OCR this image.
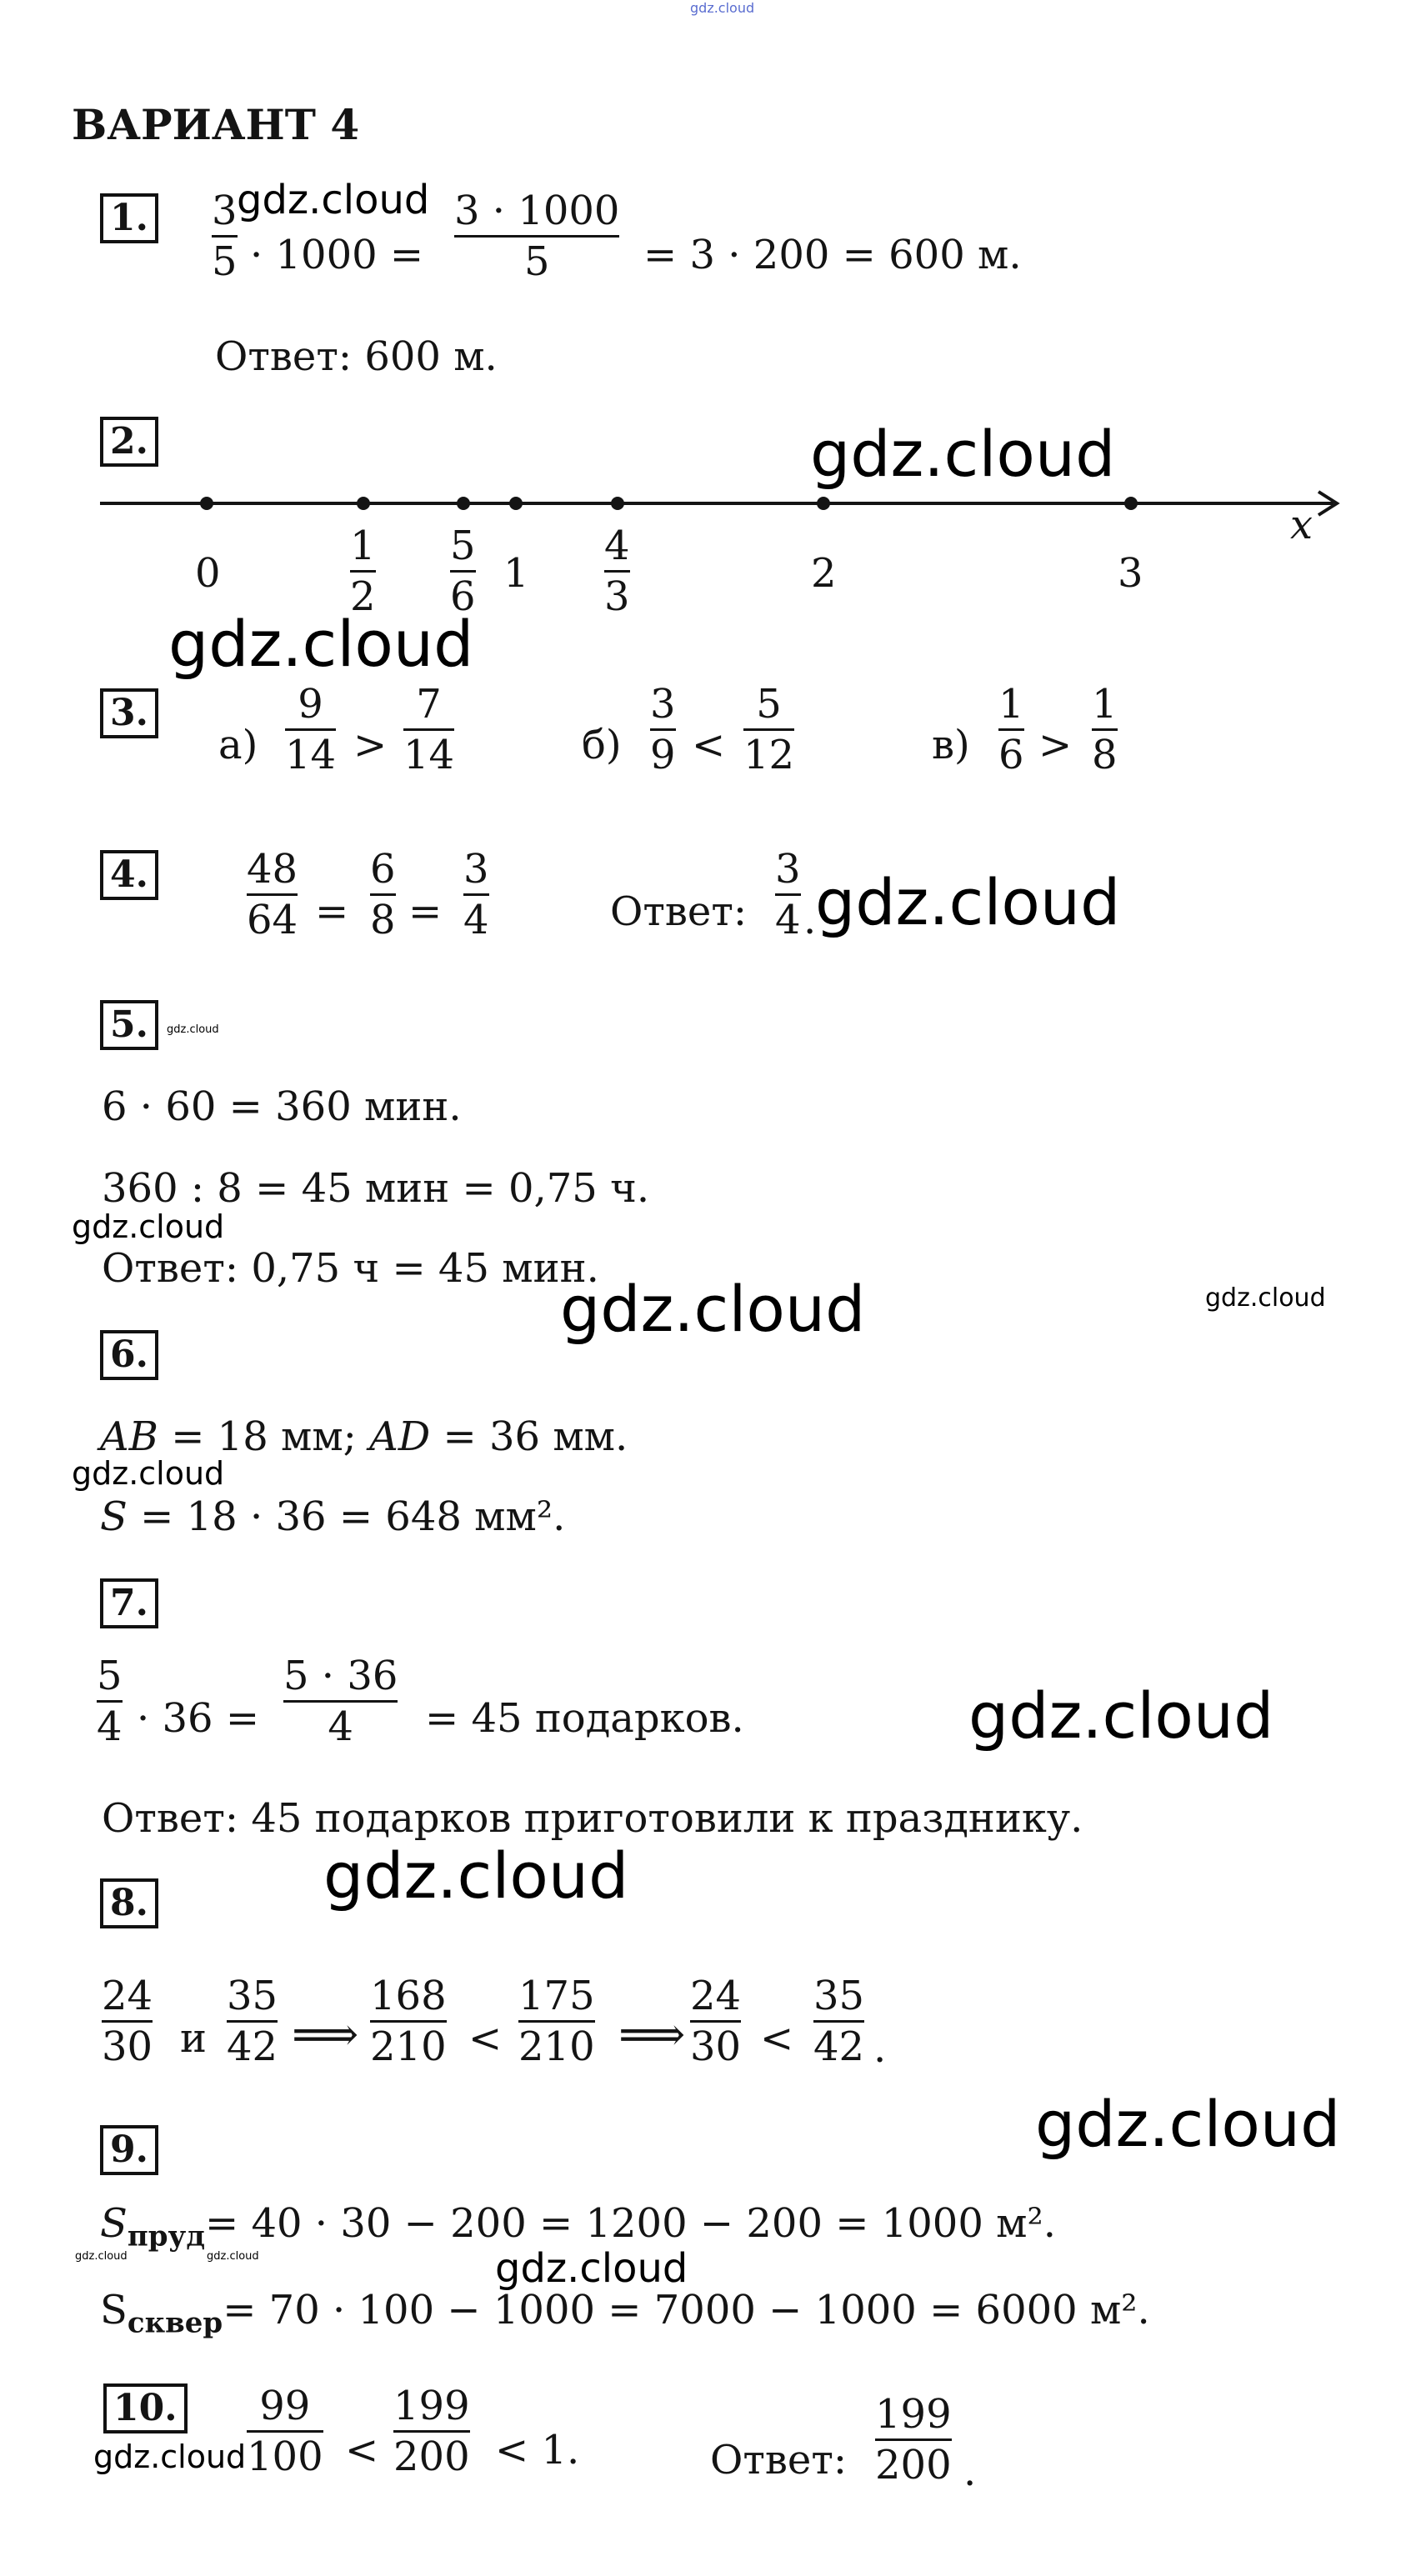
gdz.cloud
ВАРИАНТ 4
1. 3
5 · 1000 =
3 · 1000
5 = 3 · 200 = 600 м.
Ответ: 600 м.
2.
x
0
1
2
5
6 1
4
3	2	3
3.
а)
9
14 >
7
14	б)
3
9 <
5
12	в)
1
6 >
1
8
4. 48
64 =
6
8 =
3
4	Ответ:
3
4 .
5.
6 · 60 = 360 мин.
360 : 8 = 45 мин = 0,75 ч.
Ответ: 0,75 ч = 45 мин.
6.
AB = 18 мм; AD = 36 мм.
S = 18 · 36 = 648 мм².
7.
5
4 · 36 =
5 · 36
4 = 45 подарков.
Ответ: 45 подарков приготовили к празднику.
8.
24
30 и
35
42 ⟹
168
210 <
175
210 ⟹
24
30 <
35
42 .
9.
$S_{пруд}= 40 \cdot 30 - 200 = 1200 - 200 = 1000$ м².
$S_{сквер}= 70 \cdot 100 - 1000 = 7000 - 1000 = 6000$ м².
10. 99
100 <
199
200 < 1.	Ответ:
199
200 .
gdz.cloud
gdz.cloud
gdz.cloud
gdz.cloud
gdz.cloud
gdz.cloud
gdz.cloud	gdz.cloud
gdz.cloud
gdz.cloud
gdz.cloud
gdz.cloud
gdz.cloud	gdz.cloud	gdz.cloud
gdz.cloud
